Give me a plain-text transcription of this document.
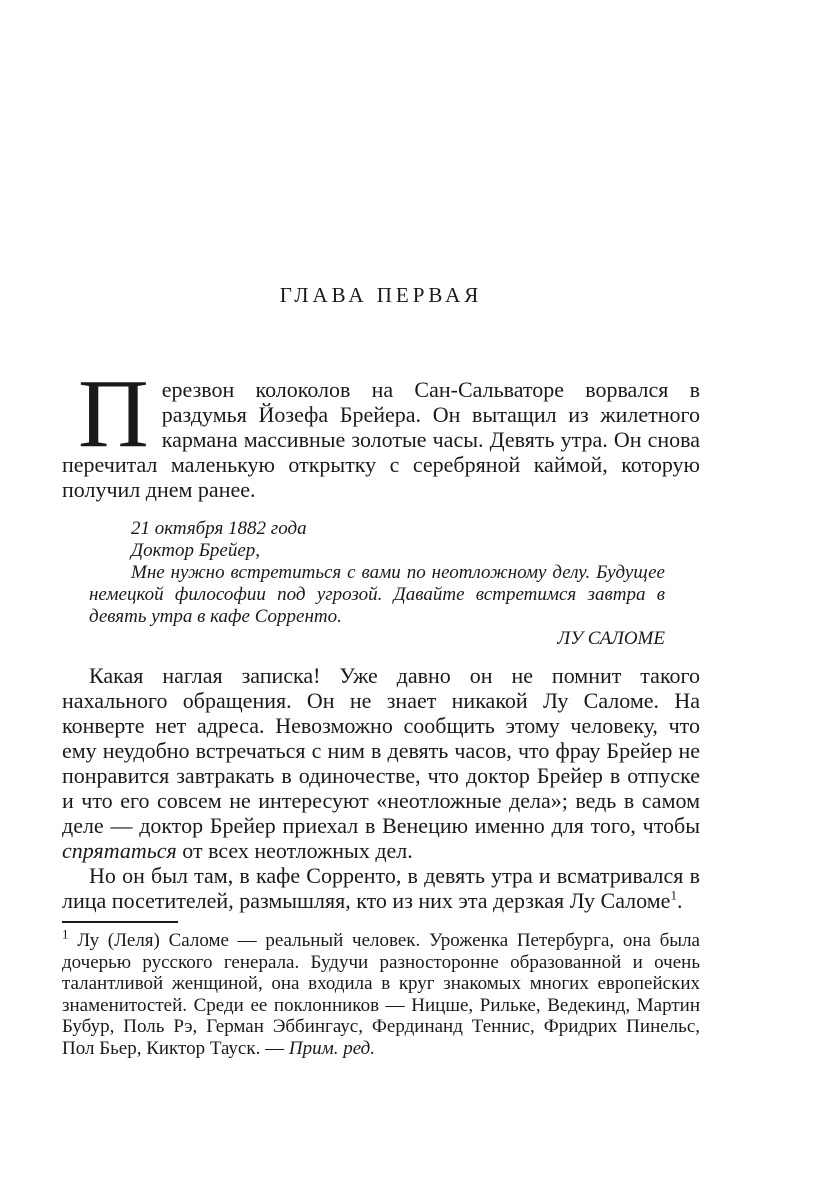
ГЛАВА ПЕРВАЯ

Перезвон колоколов на Сан-Сальваторе ворвался в раздумья Йозефа Брейера. Он вытащил из жилетного кармана массивные золотые часы. Девять утра. Он снова перечитал маленькую открытку с серебряной каймой, которую получил днем ранее.

21 октября 1882 года
Доктор Брейер,

Мне нужно встретиться с вами по неотложному делу. Будущее немецкой философии под угрозой. Давайте встретимся завтра в девять утра в кафе Сорренто.

ЛУ САЛОМЕ

Какая наглая записка! Уже давно он не помнит такого нахального обращения. Он не знает никакой Лу Саломе. На конверте нет адреса. Невозможно сообщить этому человеку, что ему неудобно встречаться с ним в девять часов, что фрау Брейер не понравится завтракать в одиночестве, что доктор Брейер в отпуске и что его совсем не интересуют «неотложные дела»; ведь в самом деле — доктор Брейер приехал в Венецию именно для того, чтобы спрятаться от всех неотложных дел.

Но он был там, в кафе Сорренто, в девять утра и всматривался в лица посетителей, размышляя, кто из них эта дерзкая Лу Саломе$^1$.

$^1$ Лу (Леля) Саломе — реальный человек. Уроженка Петербурга, она была дочерью русского генерала. Будучи разносторонне образованной и очень талантливой женщиной, она входила в круг знакомых многих европейских знаменитостей. Среди ее поклонников — Ницше, Рильке, Ведекинд, Мартин Бубур, Поль Рэ, Герман Эббингаус, Фердинанд Теннис, Фридрих Пинельс, Пол Бьер, Киктор Тауск. — Прим. ред.
